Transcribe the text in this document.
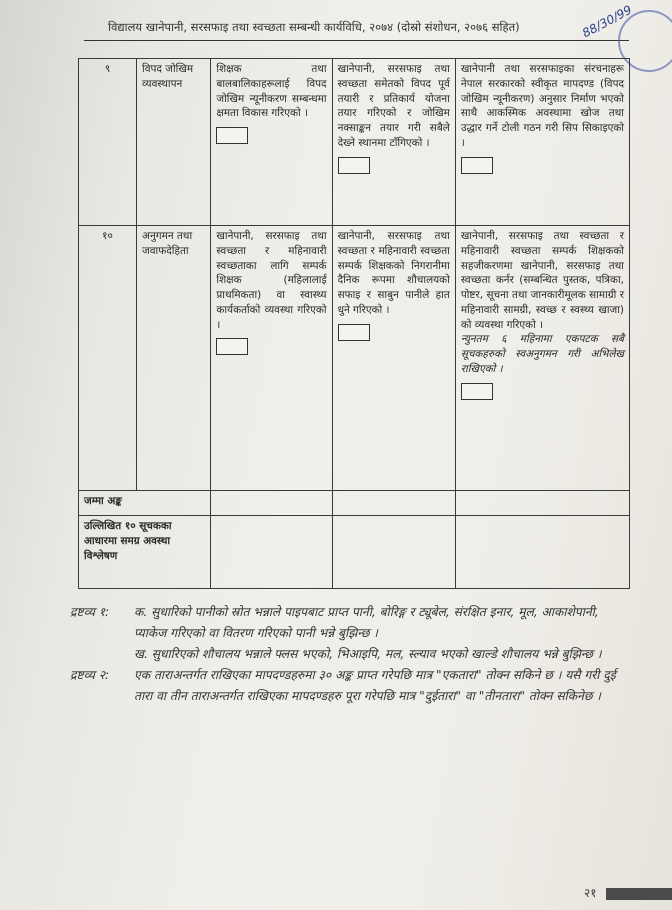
विद्यालय खानेपानी, सरसफाइ तथा स्वच्छता सम्बन्धी कार्यविधि, २०७४ (दोस्रो संशोधन, २०७६ सहित)	88/30/99
९	विपद जोखिम व्यवस्थापन	शिक्षक तथा बालबालिकाहरूलाई विपद जोखिम न्यूनीकरण सम्बन्धमा क्षमता विकास गरिएको ।	खानेपानी, सरसफाइ तथा स्वच्छता समेतको विपद पूर्व तयारी र प्रतिकार्य योजना तयार गरिएको र जोखिम नक्साङ्कन तयार गरी सबैले देख्ने स्थानमा टाँगिएको ।	खानेपानी तथा सरसफाइका संरचनाहरू नेपाल सरकारको स्वीकृत मापदण्ड (विपद जोखिम न्यूनीकरण) अनुसार निर्माण भएको साथै आकस्मिक अवस्थामा खोज तथा उद्धार गर्ने टोली गठन गरी सिप सिकाइएको ।

१०	अनुगमन तथा जवाफदेहिता	खानेपानी, सरसफाइ तथा स्वच्छता र महिनावारी स्वच्छताका लागि सम्पर्क शिक्षक (महिलालाई प्राथमिकता) वा स्वास्थ्य कार्यकर्ताको व्यवस्था गरिएको ।	खानेपानी, सरसफाइ तथा स्वच्छता र महिनावारी स्वच्छता सम्पर्क शिक्षकको निगरानीमा दैनिक रूपमा शौचालयको सफाइ र साबुन पानीले हात धुने गरिएको ।	खानेपानी, सरसफाइ तथा स्वच्छता र महिनावारी स्वच्छता सम्पर्क शिक्षकको सहजीकरणमा खानेपानी, सरसफाइ तथा स्वच्छता कर्नर (सम्बन्धित पुस्तक, पत्रिका, पोष्टर, सूचना तथा जानकारीमूलक सामाग्री र महिनावारी सामग्री, स्वच्छ र स्वस्थ्य खाजा) को व्यवस्था गरिएको ।
न्युनतम ६ महिनामा एकपटक सबै सूचकहरुको स्वअनुगमन गरी अभिलेख राखिएको ।

जम्मा अङ्क				
उल्लिखित १० सूचकका आधारमा समग्र अवस्था विश्लेषण				
द्रष्टव्य १: क. सुधारिको पानीको स्रोत भन्नाले पाइपबाट प्राप्त पानी, बोरिङ्ग र ट्यूबेल, संरक्षित इनार, मूल, आकाशेपानी, प्याकेज गरिएको वा वितरण गरिएको पानी भन्ने बुझिन्छ ।
ख. सुधारिएको शौचालय भन्नाले फ्लस भएको, भिआइपि, मल, स्ल्याव भएको खाल्डे शौचालय भन्ने बुझिन्छ ।
द्रष्टव्य २: एक ताराअन्तर्गत राखिएका मापदण्डहरुमा ३० अङ्क प्राप्त गरेपछि मात्र "एकतारा" तोक्न सकिने छ । यसै गरी दुई तारा वा तीन ताराअन्तर्गत राखिएका मापदण्डहरु पूरा गरेपछि मात्र "दुईतारा" वा "तीनतारा" तोक्न सकिनेछ ।
२१
